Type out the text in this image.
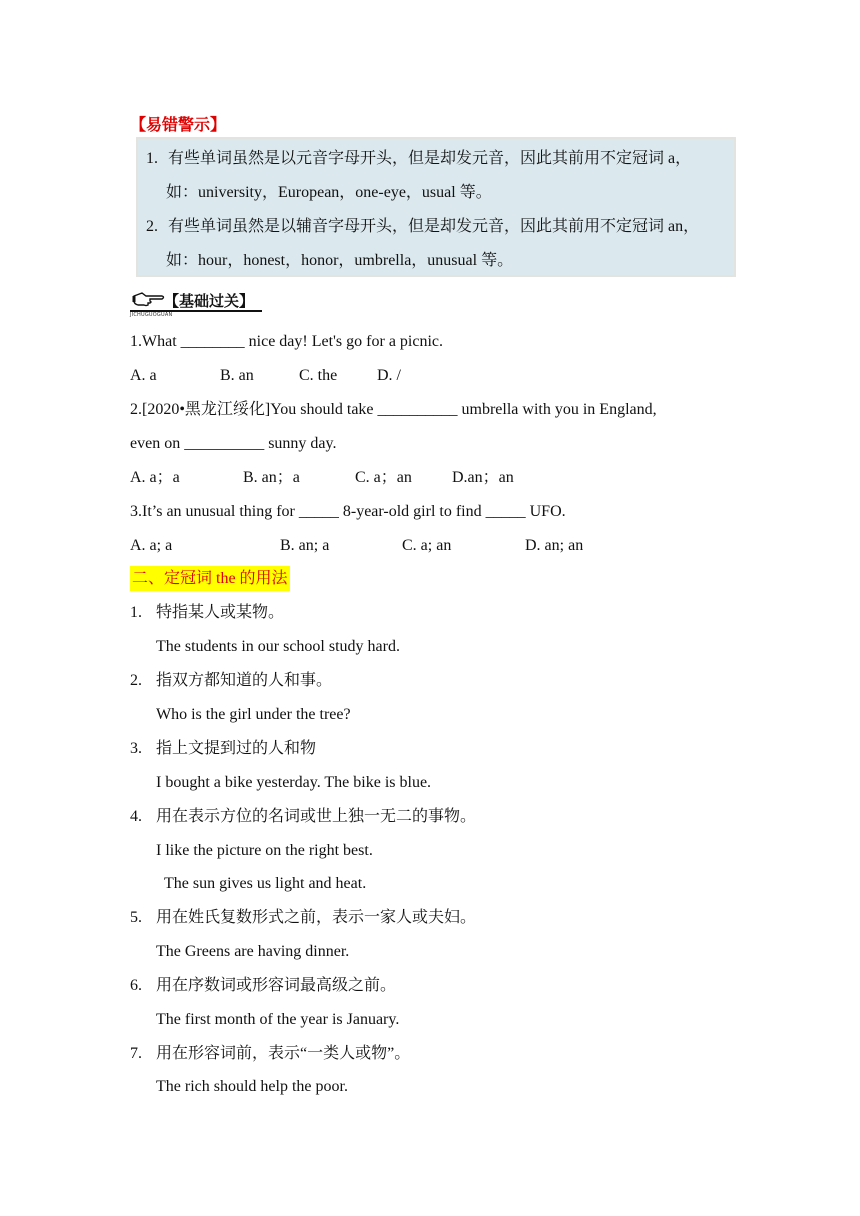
【易错警示】
1. 有些单词虽然是以元音字母开头，但是却发元音，因此其前用不定冠词 a，
如：university，European，one-eye，usual 等。
2. 有些单词虽然是以辅音字母开头，但是却发元音，因此其前用不定冠词 an，
如：hour，honest，honor，umbrella，unusual 等。
【基础过关】
JICHUGUOGUAN
1.What ________ nice day! Let's go for a picnic.
A. a	B. an	C. the D. /
2.[2020•黑龙江绥化]You should take __________ umbrella with you in England,
even on __________ sunny day.
A. a；a	B. an；a	C. a；an	D.an；an
3.It’s an unusual thing for _____ 8-year-old girl to find _____ UFO.
A. a; a	B. an; a	C. a; an	D. an; an
二、定冠词 the 的用法
1. 特指某人或某物。
The students in our school study hard.
2. 指双方都知道的人和事。
Who is the girl under the tree?
3. 指上文提到过的人和物
I bought a bike yesterday. The bike is blue.
4. 用在表示方位的名词或世上独一无二的事物。
I like the picture on the right best.
The sun gives us light and heat.
5. 用在姓氏复数形式之前，表示一家人或夫妇。
The Greens are having dinner.
6. 用在序数词或形容词最高级之前。
The first month of the year is January.
7. 用在形容词前，表示“一类人或物”。
The rich should help the poor.
